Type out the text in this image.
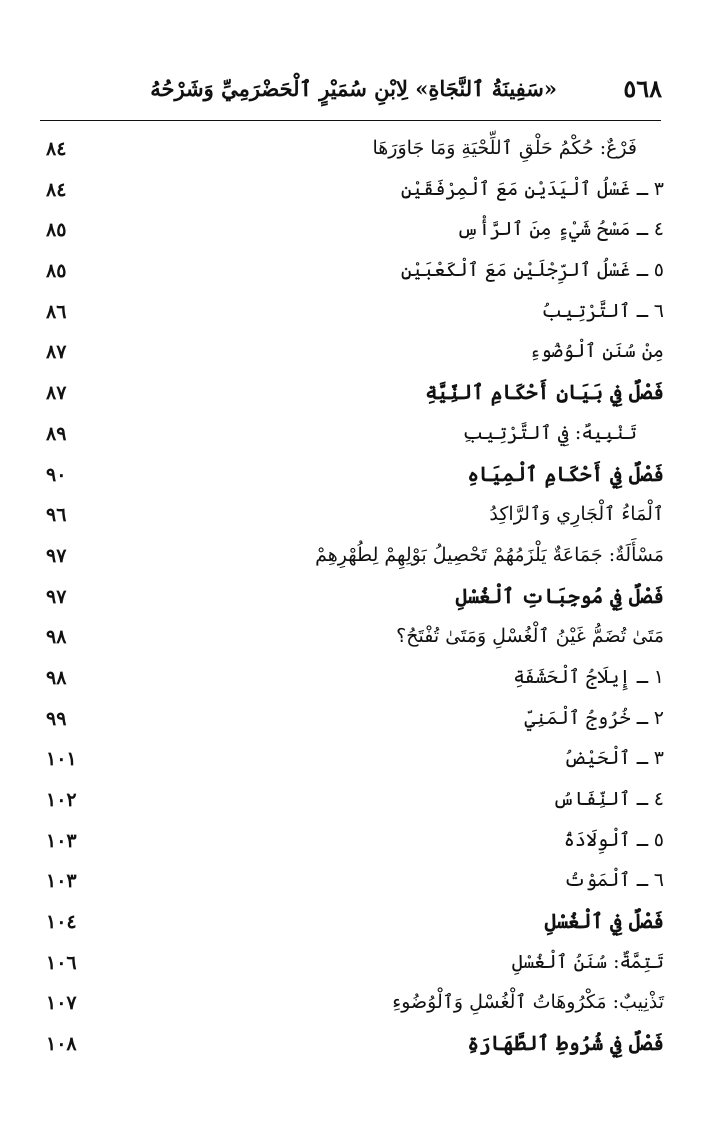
٥٦٨
«سَفِينَةُ ٱلنَّجَاةِ» لِابْنِ سُمَيْرٍ ٱلْحَضْرَمِيِّ وَشَرْحُهُ
فَرْعٌ: حُكْمُ حَلْقِ ٱللِّحْيَةِ وَمَا جَاوَرَهَا
٨٤
٣ ـ غَسْلُ ٱلْيَدَيْنِ مَعَ ٱلْمِرْفَقَيْنِ
٨٤
٤ ـ مَسْحُ شَيْءٍ مِنَ ٱلرَّأْسِ
٨٥
٥ ـ غَسْلُ ٱلرِّجْلَيْنِ مَعَ ٱلْكَعْبَيْنِ
٨٥
٦ ـ ٱلتَّرْتِيبُ
٨٦
مِنْ سُنَنِ ٱلْوُضُوءِ
٨٧
فَصْلٌ فِي بَيَانِ أَحْكَامِ ٱلنِّيَّةِ
٨٧
تَنْبِيهٌ: فِي ٱلتَّرْتِيبِ
٨٩
فَصْلٌ فِي أَحْكَامِ ٱلْمِيَاهِ
٩٠
ٱلْمَاءُ ٱلْجَارِي وَٱلرَّاكِدُ
٩٦
مَسْأَلَةٌ: جَمَاعَةٌ يَلْزَمُهُمْ تَحْصِيلُ بَوْلِهِمْ لِطُهْرِهِمْ
٩٧
فَصْلٌ فِي مُوجِبَاتِ ٱلْغُسْلِ
٩٧
مَتَىٰ تُضَمُّ غَيْنُ ٱلْغُسْلِ وَمَتَىٰ تُفْتَحُ؟
٩٨
١ ـ إِيلَاجُ ٱلْحَشَفَةِ
٩٨
٢ ـ خُرُوجُ ٱلْمَنِيِّ
٩٩
٣ ـ ٱلْحَيْضُ
١٠١
٤ ـ ٱلنِّفَاسُ
١٠٢
٥ ـ ٱلْوِلَادَةُ
١٠٣
٦ ـ ٱلْمَوْتُ
١٠٣
فَصْلٌ فِي ٱلْغُسْلِ
١٠٤
تَتِمَّةٌ: سُنَنُ ٱلْغُسْلِ
١٠٦
تَذْنِيبٌ: مَكْرُوهَاتُ ٱلْغُسْلِ وَٱلْوُضُوءِ
١٠٧
فَصْلٌ فِي شُرُوطِ ٱلطَّهَارَةِ
١٠٨
